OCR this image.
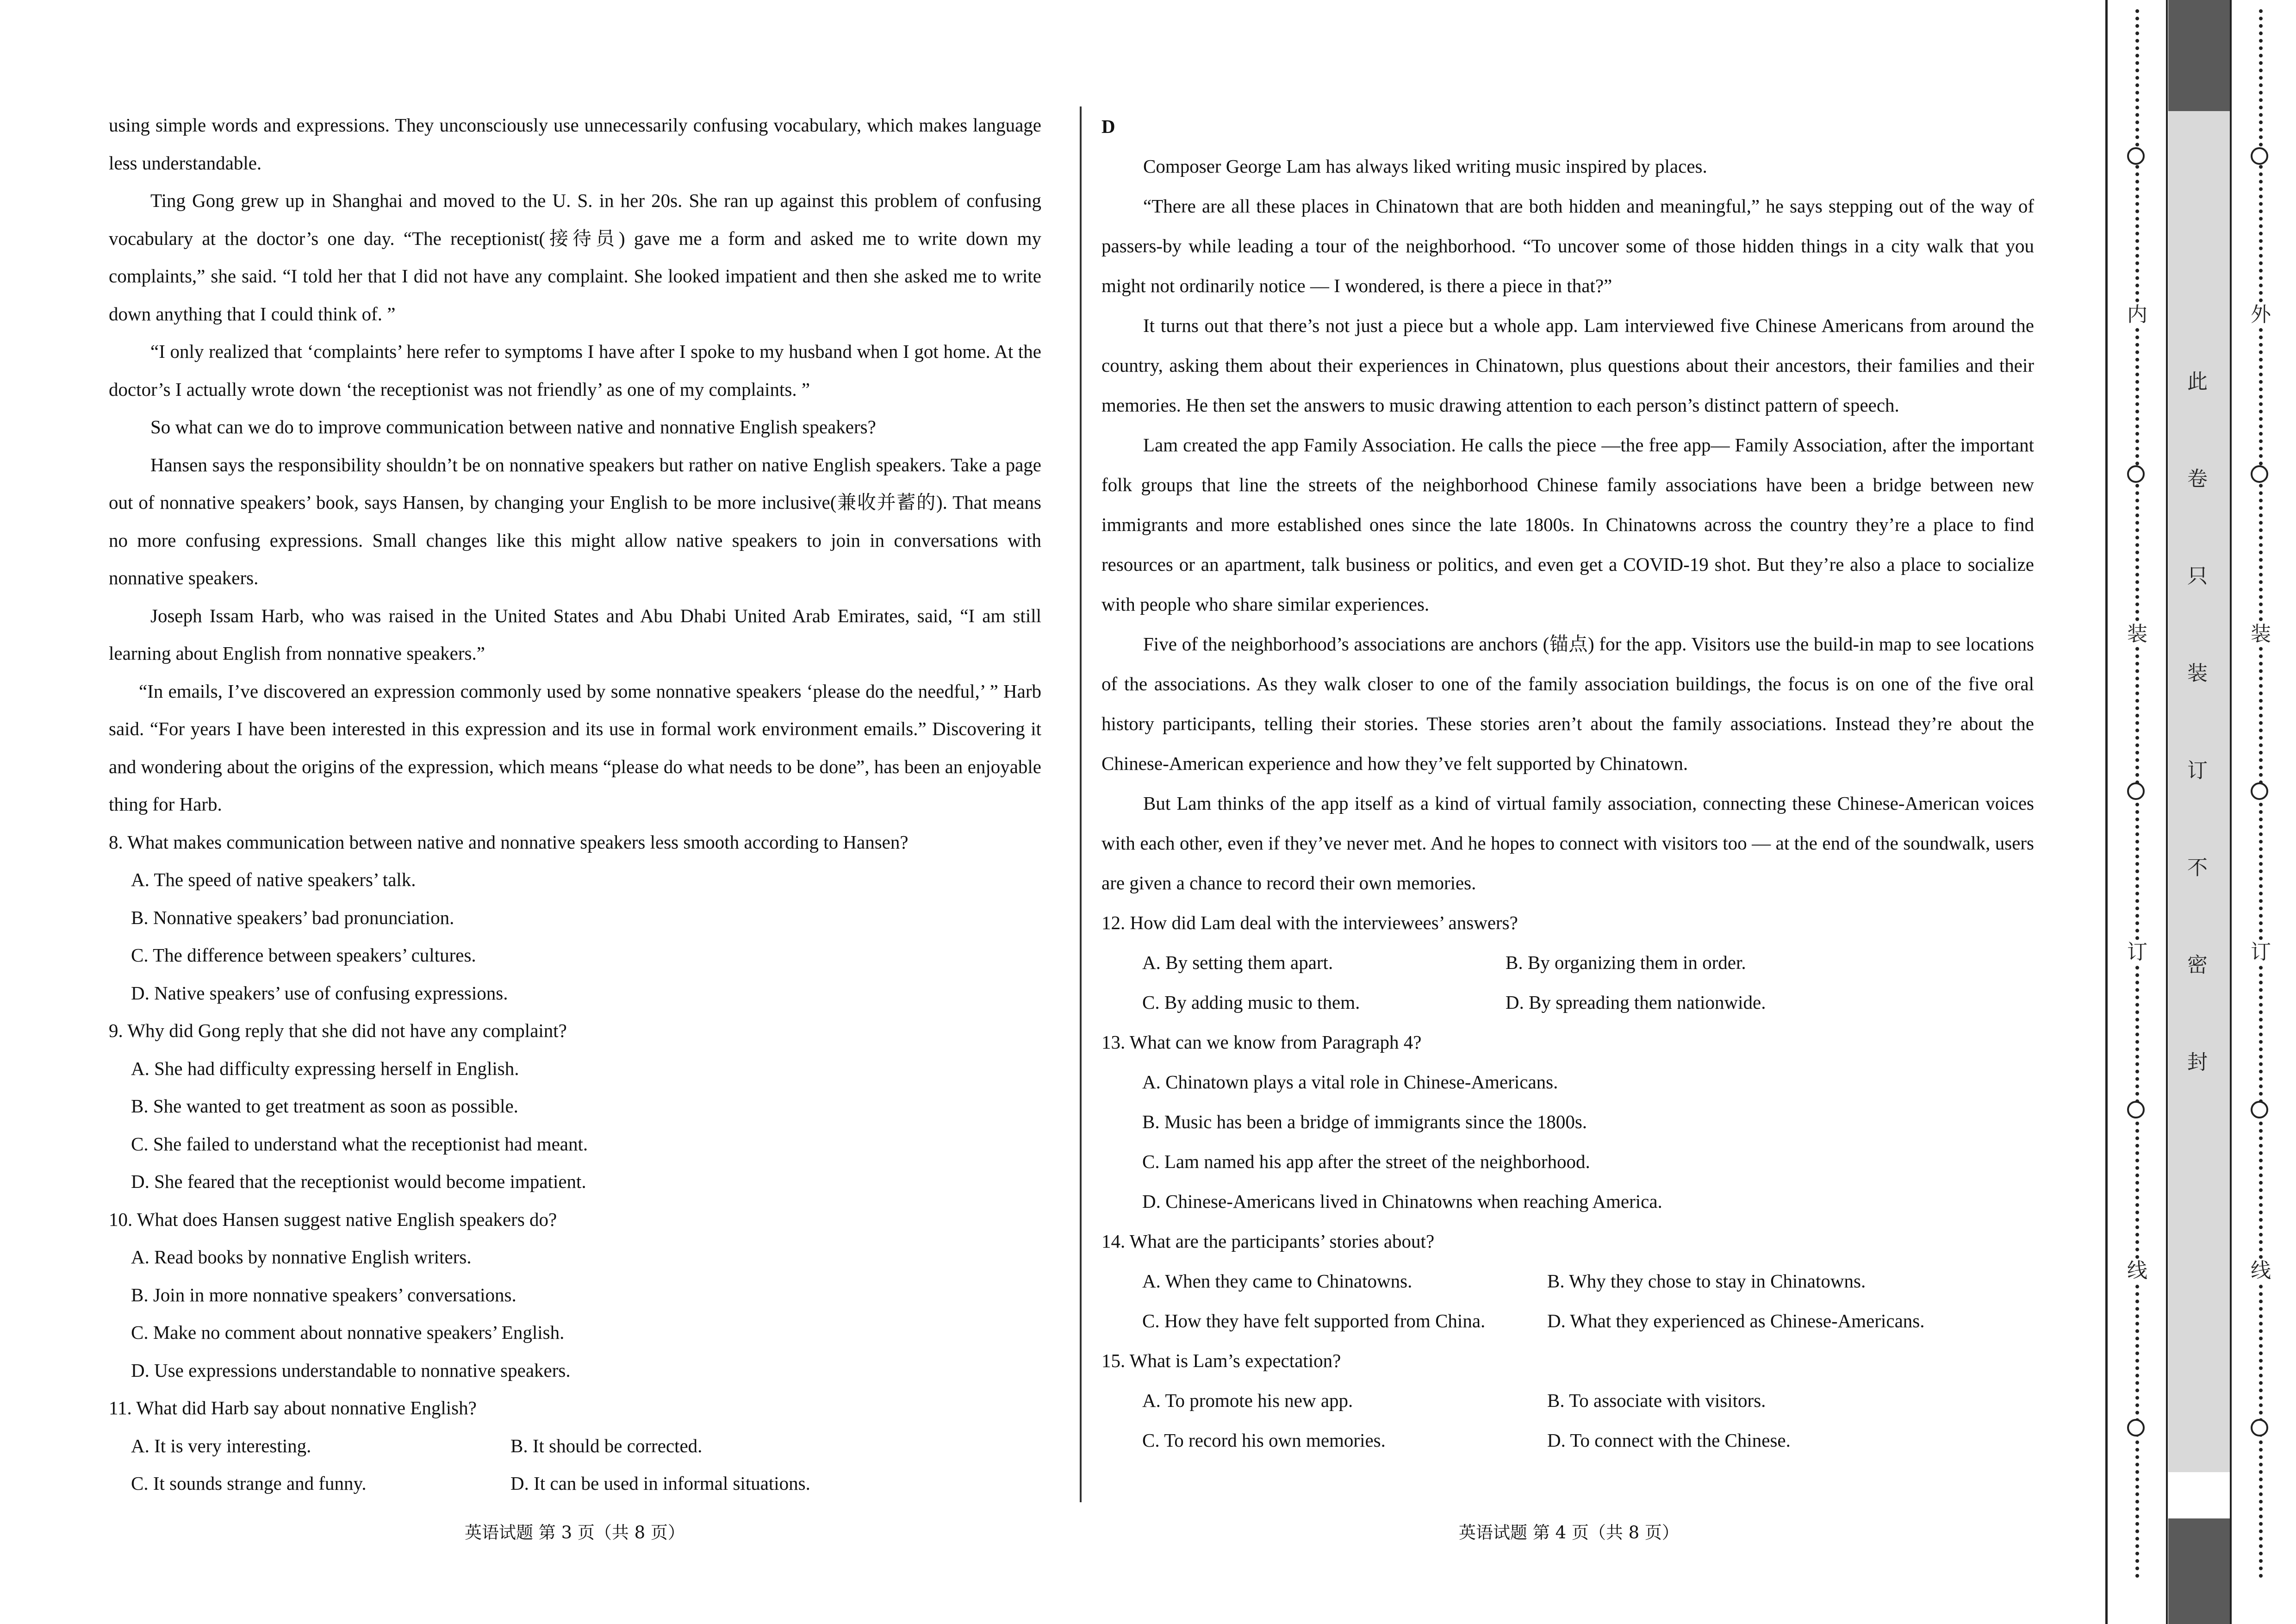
using simple words and expressions. They unconsciously use unnecessarily confusing vocabulary, which makes language less understandable.

Ting Gong grew up in Shanghai and moved to the U. S. in her 20s. She ran up against this problem of confusing vocabulary at the doctor’s one day. “The receptionist(接待员) gave me a form and asked me to write down my complaints,” she said. “I told her that I did not have any complaint. She looked impatient and then she asked me to write down anything that I could think of. ”

“I only realized that ‘complaints’ here refer to symptoms I have after I spoke to my husband when I got home. At the doctor’s I actually wrote down ‘the receptionist was not friendly’ as one of my complaints. ”

So what can we do to improve communication between native and nonnative English speakers?

Hansen says the responsibility shouldn’t be on nonnative speakers but rather on native English speakers. Take a page out of nonnative speakers’ book, says Hansen, by changing your English to be more inclusive(兼收并蓄的). That means no more confusing expressions. Small changes like this might allow native speakers to join in conversations with nonnative speakers.

Joseph Issam Harb, who was raised in the United States and Abu Dhabi United Arab Emirates, said, “I am still learning about English from nonnative speakers.”

“In emails, I’ve discovered an expression commonly used by some nonnative speakers ‘please do the needful,’ ” Harb said. “For years I have been interested in this expression and its use in formal work environment emails.” Discovering it and wondering about the origins of the expression, which means “please do what needs to be done”, has been an enjoyable thing for Harb.

8. What makes communication between native and nonnative speakers less smooth according to Hansen?

A. The speed of native speakers’ talk.

B. Nonnative speakers’ bad pronunciation.

C. The difference between speakers’ cultures.

D. Native speakers’ use of confusing expressions.

9. Why did Gong reply that she did not have any complaint?

A. She had difficulty expressing herself in English.

B. She wanted to get treatment as soon as possible.

C. She failed to understand what the receptionist had meant.

D. She feared that the receptionist would become impatient.

10. What does Hansen suggest native English speakers do?

A. Read books by nonnative English writers.

B. Join in more nonnative speakers’ conversations.

C. Make no comment about nonnative speakers’ English.

D. Use expressions understandable to nonnative speakers.

11. What did Harb say about nonnative English?

A. It is very interesting.	B. It should be corrected.
C. It sounds strange and funny.	D. It can be used in informal situations.

D

Composer George Lam has always liked writing music inspired by places.

“There are all these places in Chinatown that are both hidden and meaningful,” he says stepping out of the way of passers-by while leading a tour of the neighborhood. “To uncover some of those hidden things in a city walk that you might not ordinarily notice — I wondered, is there a piece in that?”

It turns out that there’s not just a piece but a whole app. Lam interviewed five Chinese Americans from around the country, asking them about their experiences in Chinatown, plus questions about their ancestors, their families and their memories. He then set the answers to music drawing attention to each person’s distinct pattern of speech.

Lam created the app Family Association. He calls the piece —the free app— Family Association, after the important folk groups that line the streets of the neighborhood Chinese family associations have been a bridge between new immigrants and more established ones since the late 1800s. In Chinatowns across the country they’re a place to find resources or an apartment, talk business or politics, and even get a COVID-19 shot. But they’re also a place to socialize with people who share similar experiences.

Five of the neighborhood’s associations are anchors (锚点) for the app. Visitors use the build-in map to see locations of the associations. As they walk closer to one of the family association buildings, the focus is on one of the five oral history participants, telling their stories. These stories aren’t about the family associations. Instead they’re about the Chinese-American experience and how they’ve felt supported by Chinatown.

But Lam thinks of the app itself as a kind of virtual family association, connecting these Chinese-American voices with each other, even if they’ve never met. And he hopes to connect with visitors too — at the end of the soundwalk, users are given a chance to record their own memories.

12. How did Lam deal with the interviewees’ answers?

A. By setting them apart.	B. By organizing them in order.
C. By adding music to them.	D. By spreading them nationwide.

13. What can we know from Paragraph 4?

A. Chinatown plays a vital role in Chinese-Americans.

B. Music has been a bridge of immigrants since the 1800s.

C. Lam named his app after the street of the neighborhood.

D. Chinese-Americans lived in Chinatowns when reaching America.

14. What are the participants’ stories about?

A. When they came to Chinatowns.	B. Why they chose to stay in Chinatowns.
C. How they have felt supported from China.	D. What they experienced as Chinese-Americans.

15. What is Lam’s expectation?

A. To promote his new app.	B. To associate with visitors.
C. To record his own memories.	D. To connect with the Chinese.
英语试题 第 3 页（共 8 页）	英语试题 第 4 页（共 8 页）
内
装
订
线
此
卷
只
装
订
不
密
封
外
装
订
线
